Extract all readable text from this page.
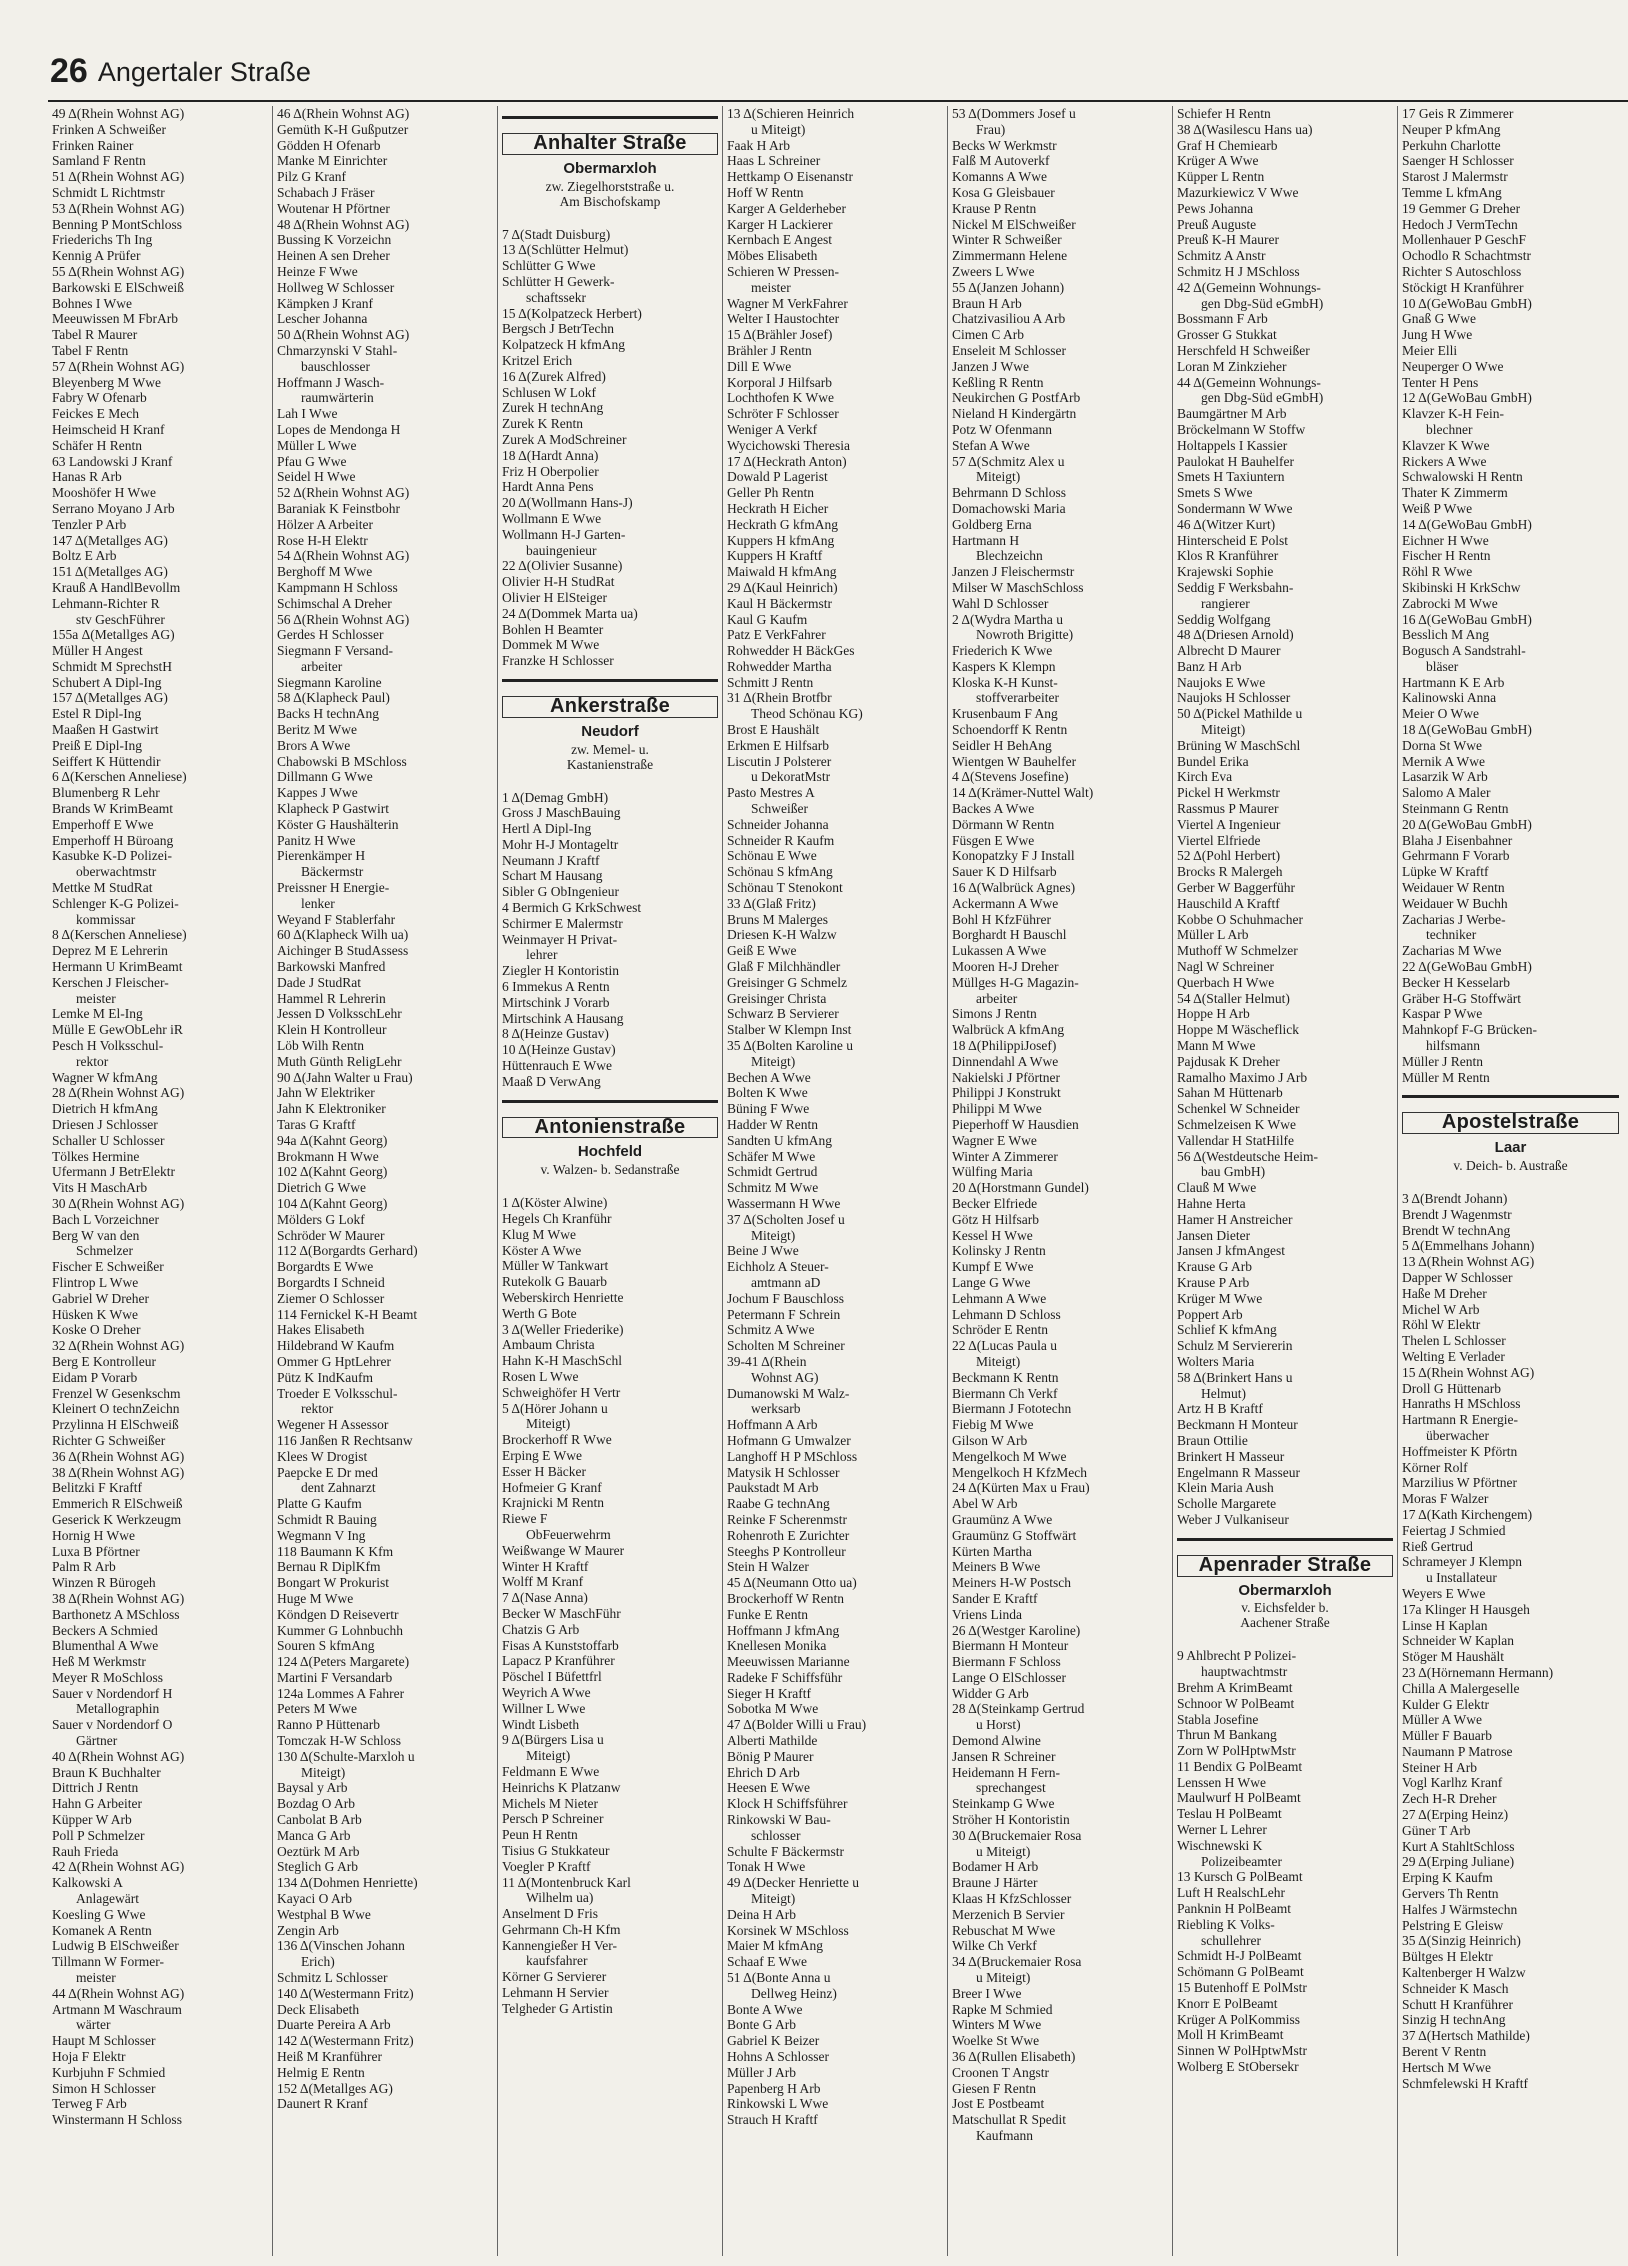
26 Angertaler Straße
49 Δ(Rhein Wohnst AG)
Frinken A Schweißer
Frinken Rainer
Samland F Rentn
51 Δ(Rhein Wohnst AG)
Schmidt L Richtmstr
53 Δ(Rhein Wohnst AG)
Benning P MontSchloss
Friederichs Th Ing
Kennig A Prüfer
55 Δ(Rhein Wohnst AG)
Barkowski E ElSchweiß
Bohnes I Wwe
Meeuwissen M FbrArb
Tabel R Maurer
Tabel F Rentn
57 Δ(Rhein Wohnst AG)
Bleyenberg M Wwe
Fabry W Ofenarb
Feickes E Mech
Heimscheid H Kranf
Schäfer H Rentn
63 Landowski J Kranf
Hanas R Arb
Mooshöfer H Wwe
Serrano Moyano J Arb
Tenzler P Arb
147 Δ(Metallges AG)
Boltz E Arb
151 Δ(Metallges AG)
Krauß A HandlBevollm
Lehmann-Richter R
stv GeschFührer
155a Δ(Metallges AG)
Müller H Angest
Schmidt M SprechstH
Schubert A Dipl-Ing
157 Δ(Metallges AG)
Estel R Dipl-Ing
Maaßen H Gastwirt
Preiß E Dipl-Ing
Seiffert K Hüttendir
6 Δ(Kerschen Anneliese)
Blumenberg R Lehr
Brands W KrimBeamt
Emperhoff E Wwe
Emperhoff H Büroang
Kasubke K-D Polizei-
oberwachtmstr
Mettke M StudRat
Schlenger K-G Polizei-
kommissar
8 Δ(Kerschen Anneliese)
Deprez M E Lehrerin
Hermann U KrimBeamt
Kerschen J Fleischer-
meister
Lemke M El-Ing
Mülle E GewObLehr iR
Pesch H Volksschul-
rektor
Wagner W kfmAng
28 Δ(Rhein Wohnst AG)
Dietrich H kfmAng
Driesen J Schlosser
Schaller U Schlosser
Tölkes Hermine
Ufermann J BetrElektr
Vits H MaschArb
30 Δ(Rhein Wohnst AG)
Bach L Vorzeichner
Berg W van den
Schmelzer
Fischer E Schweißer
Flintrop L Wwe
Gabriel W Dreher
Hüsken K Wwe
Koske O Dreher
32 Δ(Rhein Wohnst AG)
Berg E Kontrolleur
Eidam P Vorarb
Frenzel W Gesenkschm
Kleinert O technZeichn
Przylinna H ElSchweiß
Richter G Schweißer
36 Δ(Rhein Wohnst AG)
38 Δ(Rhein Wohnst AG)
Belitzki F Kraftf
Emmerich R ElSchweiß
Geserick K Werkzeugm
Hornig H Wwe
Luxa B Pförtner
Palm R Arb
Winzen R Bürogeh
38 Δ(Rhein Wohnst AG)
Barthonetz A MSchloss
Beckers A Schmied
Blumenthal A Wwe
Heß M Werkmstr
Meyer R MoSchloss
Sauer v Nordendorf H
Metallographin
Sauer v Nordendorf O
Gärtner
40 Δ(Rhein Wohnst AG)
Braun K Buchhalter
Dittrich J Rentn
Hahn G Arbeiter
Küpper W Arb
Poll P Schmelzer
Rauh Frieda
42 Δ(Rhein Wohnst AG)
Kalkowski A
Anlagewärt
Koesling G Wwe
Komanek A Rentn
Ludwig B ElSchweißer
Tillmann W Former-
meister
44 Δ(Rhein Wohnst AG)
Artmann M Waschraum
wärter
Haupt M Schlosser
Hoja F Elektr
Kurbjuhn F Schmied
Simon H Schlosser
Terweg F Arb
Winstermann H Schloss
46 Δ(Rhein Wohnst AG)
Gemüth K-H Gußputzer
Gödden H Ofenarb
Manke M Einrichter
Pilz G Kranf
Schabach J Fräser
Woutenar H Pförtner
48 Δ(Rhein Wohnst AG)
Bussing K Vorzeichn
Heinen A sen Dreher
Heinze F Wwe
Hollweg W Schlosser
Kämpken J Kranf
Lescher Johanna
50 Δ(Rhein Wohnst AG)
Chmarzynski V Stahl-
bauschlosser
Hoffmann J Wasch-
raumwärterin
Lah I Wwe
Lopes de Mendonga H
Müller L Wwe
Pfau G Wwe
Seidel H Wwe
52 Δ(Rhein Wohnst AG)
Baraniak K Feinstbohr
Hölzer A Arbeiter
Rose H-H Elektr
54 Δ(Rhein Wohnst AG)
Berghoff M Wwe
Kampmann H Schloss
Schimschal A Dreher
56 Δ(Rhein Wohnst AG)
Gerdes H Schlosser
Siegmann F Versand-
arbeiter
Siegmann Karoline
58 Δ(Klapheck Paul)
Backs H technAng
Beritz M Wwe
Brors A Wwe
Chabowski B MSchloss
Dillmann G Wwe
Kappes J Wwe
Klapheck P Gastwirt
Köster G Haushälterin
Panitz H Wwe
Pierenkämper H
Bäckermstr
Preissner H Energie-
lenker
Weyand F Stablerfahr
60 Δ(Klapheck Wilh ua)
Aichinger B StudAssess
Barkowski Manfred
Dade J StudRat
Hammel R Lehrerin
Jessen D VolksschLehr
Klein H Kontrolleur
Löb Wilh Rentn
Muth Günth ReligLehr
90 Δ(Jahn Walter u Frau)
Jahn W Elektriker
Jahn K Elektroniker
Taras G Kraftf
94a Δ(Kahnt Georg)
Brokmann H Wwe
102 Δ(Kahnt Georg)
Dietrich G Wwe
104 Δ(Kahnt Georg)
Mölders G Lokf
Schröder W Maurer
112 Δ(Borgardts Gerhard)
Borgardts E Wwe
Borgardts I Schneid
Ziemer O Schlosser
114 Fernickel K-H Beamt
Hakes Elisabeth
Hildebrand W Kaufm
Ommer G HptLehrer
Pütz K IndKaufm
Troeder E Volksschul-
rektor
Wegener H Assessor
116 Janßen R Rechtsanw
Klees W Drogist
Paepcke E Dr med
dent Zahnarzt
Platte G Kaufm
Schmidt R Bauing
Wegmann V Ing
118 Baumann K Kfm
Bernau R DiplKfm
Bongart W Prokurist
Huge M Wwe
Köndgen D Reisevertr
Kummer G Lohnbuchh
Souren S kfmAng
124 Δ(Peters Margarete)
Martini F Versandarb
124a Lommes A Fahrer
Peters M Wwe
Ranno P Hüttenarb
Tomczak H-W Schloss
130 Δ(Schulte-Marxloh u
Miteigt)
Baysal y Arb
Bozdag O Arb
Canbolat B Arb
Manca G Arb
Oeztürk M Arb
Steglich G Arb
134 Δ(Dohmen Henriette)
Kayaci O Arb
Westphal B Wwe
Zengin Arb
136 Δ(Vinschen Johann
Erich)
Schmitz L Schlosser
140 Δ(Westermann Fritz)
Deck Elisabeth
Duarte Pereira A Arb
142 Δ(Westermann Fritz)
Heiß M Kranführer
Helmig E Rentn
152 Δ(Metallges AG)
Daunert R Kranf
Anhalter Straße
Obermarxloh
zw. Ziegelhorststraße u.
Am Bischofskamp
7 Δ(Stadt Duisburg)
13 Δ(Schlütter Helmut)
Schlütter G Wwe
Schlütter H Gewerk-
schaftssekr
15 Δ(Kolpatzeck Herbert)
Bergsch J BetrTechn
Kolpatzeck H kfmAng
Kritzel Erich
16 Δ(Zurek Alfred)
Schlusen W Lokf
Zurek H technAng
Zurek K Rentn
Zurek A ModSchreiner
18 Δ(Hardt Anna)
Friz H Oberpolier
Hardt Anna Pens
20 Δ(Wollmann Hans-J)
Wollmann E Wwe
Wollmann H-J Garten-
bauingenieur
22 Δ(Olivier Susanne)
Olivier H-H StudRat
Olivier H ElSteiger
24 Δ(Dommek Marta ua)
Bohlen H Beamter
Dommek M Wwe
Franzke H Schlosser
Ankerstraße
Neudorf
zw. Memel- u.
Kastanienstraße
1 Δ(Demag GmbH)
Gross J MaschBauing
Hertl A Dipl-Ing
Mohr H-J Montageltr
Neumann J Kraftf
Schart M Hausang
Sibler G ObIngenieur
4 Bermich G KrkSchwest
Schirmer E Malermstr
Weinmayer H Privat-
lehrer
Ziegler H Kontoristin
6 Immekus A Rentn
Mirtschink J Vorarb
Mirtschink A Hausang
8 Δ(Heinze Gustav)
10 Δ(Heinze Gustav)
Hüttenrauch E Wwe
Maaß D VerwAng
Antonienstraße
Hochfeld
v. Walzen- b. Sedanstraße
1 Δ(Köster Alwine)
Hegels Ch Kranführ
Klug M Wwe
Köster A Wwe
Müller W Tankwart
Rutekolk G Bauarb
Weberskirch Henriette
Werth G Bote
3 Δ(Weller Friederike)
Ambaum Christa
Hahn K-H MaschSchl
Rosen L Wwe
Schweighöfer H Vertr
5 Δ(Hörer Johann u
Miteigt)
Brockerhoff R Wwe
Erping E Wwe
Esser H Bäcker
Hofmeier G Kranf
Krajnicki M Rentn
Riewe F
ObFeuerwehrm
Weißwange W Maurer
Winter H Kraftf
Wolff M Kranf
7 Δ(Nase Anna)
Becker W MaschFühr
Chatzis G Arb
Fisas A Kunststoffarb
Lapacz P Kranführer
Pöschel I Büfettfrl
Weyrich A Wwe
Willner L Wwe
Windt Lisbeth
9 Δ(Bürgers Lisa u
Miteigt)
Feldmann E Wwe
Heinrichs K Platzanw
Michels M Nieter
Persch P Schreiner
Peun H Rentn
Tisius G Stukkateur
Voegler P Kraftf
11 Δ(Montenbruck Karl
Wilhelm ua)
Anselment D Fris
Gehrmann Ch-H Kfm
Kannengießer H Ver-
kaufsfahrer
Körner G Servierer
Lehmann H Servier
Telgheder G Artistin
13 Δ(Schieren Heinrich
u Miteigt)
Faak H Arb
Haas L Schreiner
Hettkamp O Eisenanstr
Hoff W Rentn
Karger A Gelderheber
Karger H Lackierer
Kernbach E Angest
Möbes Elisabeth
Schieren W Pressen-
meister
Wagner M VerkFahrer
Welter I Haustochter
15 Δ(Brähler Josef)
Brähler J Rentn
Dill E Wwe
Korporal J Hilfsarb
Lochthofen K Wwe
Schröter F Schlosser
Weniger A Verkf
Wycichowski Theresia
17 Δ(Heckrath Anton)
Dowald P Lagerist
Geller Ph Rentn
Heckrath H Eicher
Heckrath G kfmAng
Kuppers H kfmAng
Kuppers H Kraftf
Maiwald H kfmAng
29 Δ(Kaul Heinrich)
Kaul H Bäckermstr
Kaul G Kaufm
Patz E VerkFahrer
Rohwedder H BäckGes
Rohwedder Martha
Schmitt J Rentn
31 Δ(Rhein Brotfbr
Theod Schönau KG)
Brost E Haushält
Erkmen E Hilfsarb
Liscutin J Polsterer
u DekoratMstr
Pasto Mestres A
Schweißer
Schneider Johanna
Schneider R Kaufm
Schönau E Wwe
Schönau S kfmAng
Schönau T Stenokont
33 Δ(Glaß Fritz)
Bruns M Malerges
Driesen K-H Walzw
Geiß E Wwe
Glaß F Milchhändler
Greisinger G Schmelz
Greisinger Christa
Schwarz B Servierer
Stalber W Klempn Inst
35 Δ(Bolten Karoline u
Miteigt)
Bechen A Wwe
Bolten K Wwe
Büning F Wwe
Hadder W Rentn
Sandten U kfmAng
Schäfer M Wwe
Schmidt Gertrud
Schmitz M Wwe
Wassermann H Wwe
37 Δ(Scholten Josef u
Miteigt)
Beine J Wwe
Eichholz A Steuer-
amtmann aD
Jochum F Bauschloss
Petermann F Schrein
Schmitz A Wwe
Scholten M Schreiner
39-41 Δ(Rhein
Wohnst AG)
Dumanowski M Walz-
werksarb
Hoffmann A Arb
Hofmann G Umwalzer
Langhoff H P MSchloss
Matysik H Schlosser
Paukstadt M Arb
Raabe G technAng
Reinke F Scherenmstr
Rohenroth E Zurichter
Steeghs P Kontrolleur
Stein H Walzer
45 Δ(Neumann Otto ua)
Brockerhoff W Rentn
Funke E Rentn
Hoffmann J kfmAng
Knellesen Monika
Meeuwissen Marianne
Radeke F Schiffsführ
Sieger H Kraftf
Sobotka M Wwe
47 Δ(Bolder Willi u Frau)
Alberti Mathilde
Bönig P Maurer
Ehrich D Arb
Heesen E Wwe
Klock H Schiffsführer
Rinkowski W Bau-
schlosser
Schulte F Bäckermstr
Tonak H Wwe
49 Δ(Decker Henriette u
Miteigt)
Deina H Arb
Korsinek W MSchloss
Maier M kfmAng
Schaaf E Wwe
51 Δ(Bonte Anna u
Dellweg Heinz)
Bonte A Wwe
Bonte G Arb
Gabriel K Beizer
Hohns A Schlosser
Müller J Arb
Papenberg H Arb
Rinkowski L Wwe
Strauch H Kraftf
53 Δ(Dommers Josef u
Frau)
Becks W Werkmstr
Falß M Autoverkf
Komanns A Wwe
Kosa G Gleisbauer
Krause P Rentn
Nickel M ElSchweißer
Winter R Schweißer
Zimmermann Helene
Zweers L Wwe
55 Δ(Janzen Johann)
Braun H Arb
Chatzivasiliou A Arb
Cimen C Arb
Enseleit M Schlosser
Janzen J Wwe
Keßling R Rentn
Neukirchen G PostfArb
Nieland H Kindergärtn
Potz W Ofenmann
Stefan A Wwe
57 Δ(Schmitz Alex u
Miteigt)
Behrmann D Schloss
Domachowski Maria
Goldberg Erna
Hartmann H
Blechzeichn
Janzen J Fleischermstr
Milser W MaschSchloss
Wahl D Schlosser
2 Δ(Wydra Martha u
Nowroth Brigitte)
Friederich K Wwe
Kaspers K Klempn
Kloska K-H Kunst-
stoffverarbeiter
Krusenbaum F Ang
Schoendorff K Rentn
Seidler H BehAng
Wientgen W Bauhelfer
4 Δ(Stevens Josefine)
14 Δ(Krämer-Nuttel Walt)
Backes A Wwe
Dörmann W Rentn
Füsgen E Wwe
Konopatzky F J Install
Sauer K D Hilfsarb
16 Δ(Walbrück Agnes)
Ackermann A Wwe
Bohl H KfzFührer
Borghardt H Bauschl
Lukassen A Wwe
Mooren H-J Dreher
Müllges H-G Magazin-
arbeiter
Simons J Rentn
Walbrück A kfmAng
18 Δ(PhilippiJosef)
Dinnendahl A Wwe
Nakielski J Pförtner
Philippi J Konstrukt
Philippi M Wwe
Pieperhoff W Hausdien
Wagner E Wwe
Winter A Zimmerer
Wülfing Maria
20 Δ(Horstmann Gundel)
Becker Elfriede
Götz H Hilfsarb
Kessel H Wwe
Kolinsky J Rentn
Kumpf E Wwe
Lange G Wwe
Lehmann A Wwe
Lehmann D Schloss
Schröder E Rentn
22 Δ(Lucas Paula u
Miteigt)
Beckmann K Rentn
Biermann Ch Verkf
Biermann J Fototechn
Fiebig M Wwe
Gilson W Arb
Mengelkoch M Wwe
Mengelkoch H KfzMech
24 Δ(Kürten Max u Frau)
Abel W Arb
Graumünz A Wwe
Graumünz G Stoffwärt
Kürten Martha
Meiners B Wwe
Meiners H-W Postsch
Sander E Kraftf
Vriens Linda
26 Δ(Westger Karoline)
Biermann H Monteur
Biermann F Schloss
Lange O ElSchlosser
Widder G Arb
28 Δ(Steinkamp Gertrud
u Horst)
Demond Alwine
Jansen R Schreiner
Heidemann H Fern-
sprechangest
Steinkamp G Wwe
Ströher H Kontoristin
30 Δ(Bruckemaier Rosa
u Miteigt)
Bodamer H Arb
Braune J Härter
Klaas H KfzSchlosser
Merzenich B Servier
Rebuschat M Wwe
Wilke Ch Verkf
34 Δ(Bruckemaier Rosa
u Miteigt)
Breer I Wwe
Rapke M Schmied
Winters M Wwe
Woelke St Wwe
36 Δ(Rullen Elisabeth)
Croonen T Angstr
Giesen F Rentn
Jost E Postbeamt
Matschullat R Spedit
Kaufmann
Schiefer H Rentn
38 Δ(Wasilescu Hans ua)
Graf H Chemiearb
Krüger A Wwe
Küpper L Rentn
Mazurkiewicz V Wwe
Pews Johanna
Preuß Auguste
Preuß K-H Maurer
Schmitz A Anstr
Schmitz H J MSchloss
42 Δ(Gemeinn Wohnungs-
gen Dbg-Süd eGmbH)
Bossmann F Arb
Grosser G Stukkat
Herschfeld H Schweißer
Loran M Zinkzieher
44 Δ(Gemeinn Wohnungs-
gen Dbg-Süd eGmbH)
Baumgärtner M Arb
Bröckelmann W Stoffw
Holtappels I Kassier
Paulokat H Bauhelfer
Smets H Taxiuntern
Smets S Wwe
Sondermann W Wwe
46 Δ(Witzer Kurt)
Hinterscheid E Polst
Klos R Kranführer
Krajewski Sophie
Seddig F Werksbahn-
rangierer
Seddig Wolfgang
48 Δ(Driesen Arnold)
Albrecht D Maurer
Banz H Arb
Naujoks E Wwe
Naujoks H Schlosser
50 Δ(Pickel Mathilde u
Miteigt)
Brüning W MaschSchl
Bundel Erika
Kirch Eva
Pickel H Werkmstr
Rassmus P Maurer
Viertel A Ingenieur
Viertel Elfriede
52 Δ(Pohl Herbert)
Brocks R Malergeh
Gerber W Baggerführ
Hauschild A Kraftf
Kobbe O Schuhmacher
Müller L Arb
Muthoff W Schmelzer
Nagl W Schreiner
Querbach H Wwe
54 Δ(Staller Helmut)
Hoppe H Arb
Hoppe M Wäscheflick
Mann M Wwe
Pajdusak K Dreher
Ramalho Maximo J Arb
Sahan M Hüttenarb
Schenkel W Schneider
Schmelzeisen K Wwe
Vallendar H StatHilfe
56 Δ(Westdeutsche Heim-
bau GmbH)
Clauß M Wwe
Hahne Herta
Hamer H Anstreicher
Jansen Dieter
Jansen J kfmAngest
Krause G Arb
Krause P Arb
Krüger M Wwe
Poppert Arb
Schlief K kfmAng
Schulz M Serviererin
Wolters Maria
58 Δ(Brinkert Hans u
Helmut)
Artz H B Kraftf
Beckmann H Monteur
Braun Ottilie
Brinkert H Masseur
Engelmann R Masseur
Klein Maria Aush
Scholle Margarete
Weber J Vulkaniseur
Apenrader Straße
Obermarxloh
v. Eichsfelder b.
Aachener Straße
9 Ahlbrecht P Polizei-
hauptwachtmstr
Brehm A KrimBeamt
Schnoor W PolBeamt
Stabla Josefine
Thrun M Bankang
Zorn W PolHptwMstr
11 Bendix G PolBeamt
Lenssen H Wwe
Maulwurf H PolBeamt
Teslau H PolBeamt
Werner L Lehrer
Wischnewski K
Polizeibeamter
13 Kursch G PolBeamt
Luft H RealschLehr
Panknin H PolBeamt
Riebling K Volks-
schullehrer
Schmidt H-J PolBeamt
Schömann G PolBeamt
15 Butenhoff E PolMstr
Knorr E PolBeamt
Krüger A PolKommiss
Moll H KrimBeamt
Sinnen W PolHptwMstr
Wolberg E StObersekr
17 Geis R Zimmerer
Neuper P kfmAng
Perkuhn Charlotte
Saenger H Schlosser
Starost J Malermstr
Temme L kfmAng
19 Gemmer G Dreher
Hedoch J VermTechn
Mollenhauer P GeschF
Ochodlo R Schachtmstr
Richter S Autoschloss
Stöckigt H Kranführer
10 Δ(GeWoBau GmbH)
Gnaß G Wwe
Jung H Wwe
Meier Elli
Neuperger O Wwe
Tenter H Pens
12 Δ(GeWoBau GmbH)
Klavzer K-H Fein-
blechner
Klavzer K Wwe
Rickers A Wwe
Schwalowski H Rentn
Thater K Zimmerm
Weiß P Wwe
14 Δ(GeWoBau GmbH)
Eichner H Wwe
Fischer H Rentn
Röhl R Wwe
Skibinski H KrkSchw
Zabrocki M Wwe
16 Δ(GeWoBau GmbH)
Besslich M Ang
Bogusch A Sandstrahl-
bläser
Hartmann K E Arb
Kalinowski Anna
Meier O Wwe
18 Δ(GeWoBau GmbH)
Dorna St Wwe
Mernik A Wwe
Lasarzik W Arb
Salomo A Maler
Steinmann G Rentn
20 Δ(GeWoBau GmbH)
Blaha J Eisenbahner
Gehrmann F Vorarb
Lüpke W Kraftf
Weidauer W Rentn
Weidauer W Buchh
Zacharias J Werbe-
techniker
Zacharias M Wwe
22 Δ(GeWoBau GmbH)
Becker H Kesselarb
Gräber H-G Stoffwärt
Kaspar P Wwe
Mahnkopf F-G Brücken-
hilfsmann
Müller J Rentn
Müller M Rentn
Apostelstraße
Laar
v. Deich- b. Austraße
3 Δ(Brendt Johann)
Brendt J Wagenmstr
Brendt W technAng
5 Δ(Emmelhans Johann)
13 Δ(Rhein Wohnst AG)
Dapper W Schlosser
Haße M Dreher
Michel W Arb
Röhl W Elektr
Thelen L Schlosser
Welting E Verlader
15 Δ(Rhein Wohnst AG)
Droll G Hüttenarb
Hanraths H MSchloss
Hartmann R Energie-
überwacher
Hoffmeister K Pförtn
Körner Rolf
Marzilius W Pförtner
Moras F Walzer
17 Δ(Kath Kirchengem)
Feiertag J Schmied
Rieß Gertrud
Schrameyer J Klempn
u Installateur
Weyers E Wwe
17a Klinger H Hausgeh
Linse H Kaplan
Schneider W Kaplan
Stöger M Haushält
23 Δ(Hörnemann Hermann)
Chilla A Malergeselle
Kulder G Elektr
Müller A Wwe
Müller F Bauarb
Naumann P Matrose
Steiner H Arb
Vogl Karlhz Kranf
Zech H-R Dreher
27 Δ(Erping Heinz)
Güner T Arb
Kurt A StahltSchloss
29 Δ(Erping Juliane)
Erping K Kaufm
Gervers Th Rentn
Halfes J Wärmstechn
Pelstring E Gleisw
35 Δ(Sinzig Heinrich)
Bültges H Elektr
Kaltenberger H Walzw
Schneider K Masch
Schutt H Kranführer
Sinzig H technAng
37 Δ(Hertsch Mathilde)
Berent V Rentn
Hertsch M Wwe
Schmfelewski H Kraftf
